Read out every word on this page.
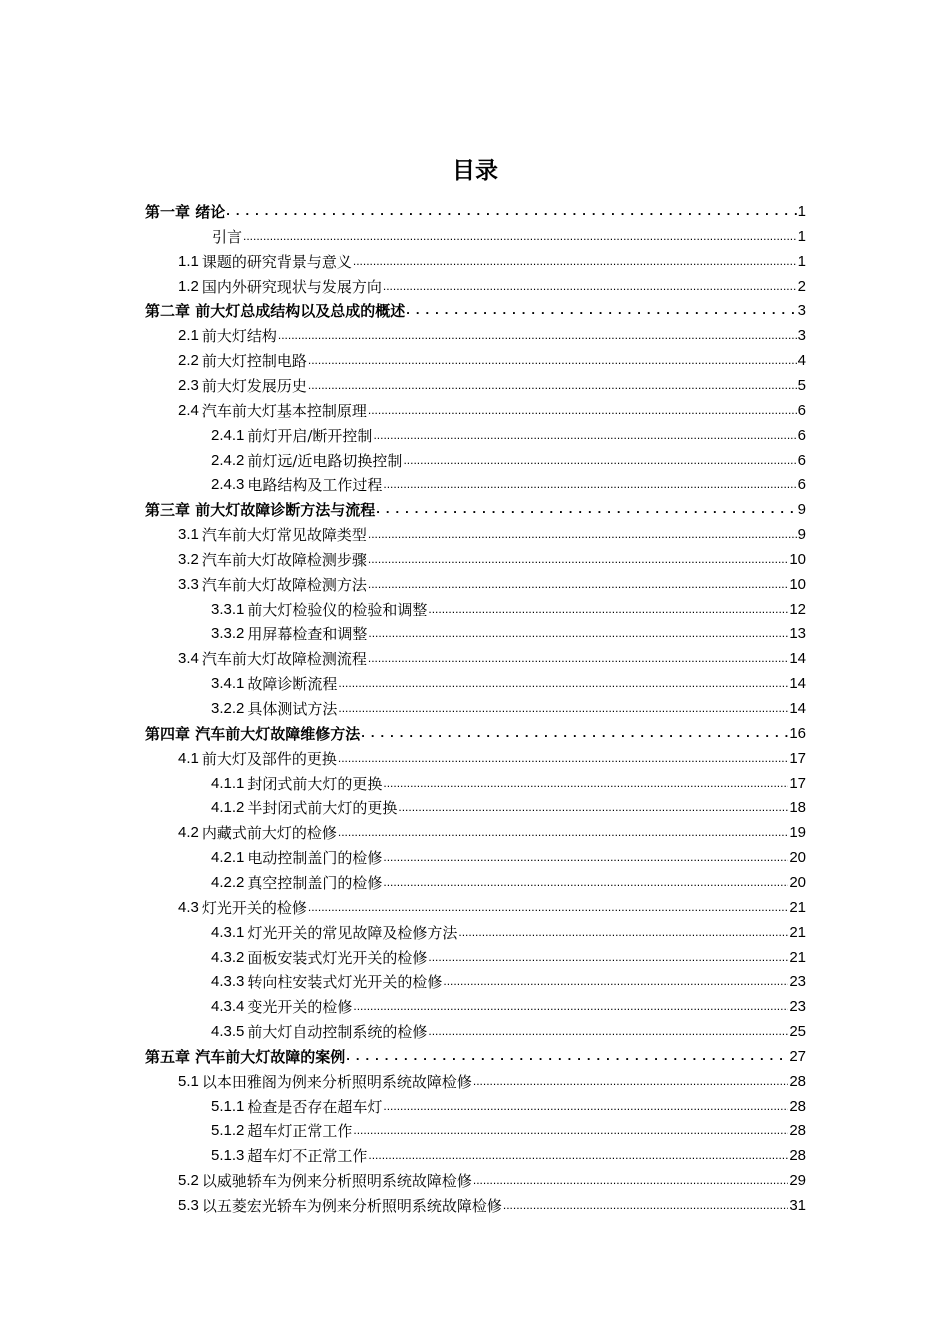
目录
第一章 绪论 . . .	1
引言 .....	1
1.1 课题的研究背景与意义 .....	1
1.2 国内外研究现状与发展方向 .....	2
第二章 前大灯总成结构以及总成的概述 . . .	3
2.1 前大灯结构 .....	3
2.2 前大灯控制电路 .....	4
2.3 前大灯发展历史 .....	5
2.4 汽车前大灯基本控制原理 .....	6
2.4.1 前灯开启/断开控制 .....	6
2.4.2 前灯远/近电路切换控制 .....	6
2.4.3 电路结构及工作过程 .....	6
第三章 前大灯故障诊断方法与流程 . . .	9
3.1 汽车前大灯常见故障类型 .....	9
3.2 汽车前大灯故障检测步骤 .....	10
3.3 汽车前大灯故障检测方法 .....	10
3.3.1 前大灯检验仪的检验和调整 .....	12
3.3.2 用屏幕检查和调整 .....	13
3.4 汽车前大灯故障检测流程 .....	14
3.4.1 故障诊断流程 .....	14
3.2.2 具体测试方法 .....	14
第四章 汽车前大灯故障维修方法 . . .	16
4.1 前大灯及部件的更换 .....	17
4.1.1 封闭式前大灯的更换 .....	17
4.1.2 半封闭式前大灯的更换 .....	18
4.2 内藏式前大灯的检修 .....	19
4.2.1 电动控制盖门的检修 .....	20
4.2.2 真空控制盖门的检修 .....	20
4.3 灯光开关的检修 .....	21
4.3.1 灯光开关的常见故障及检修方法 .....	21
4.3.2 面板安装式灯光开关的检修 .....	21
4.3.3 转向柱安装式灯光开关的检修 .....	23
4.3.4 变光开关的检修 .....	23
4.3.5 前大灯自动控制系统的检修 .....	25
第五章 汽车前大灯故障的案例 . . .	27
5.1 以本田雅阁为例来分析照明系统故障检修 .....	28
5.1.1 检查是否存在超车灯 .....	28
5.1.2 超车灯正常工作 .....	28
5.1.3 超车灯不正常工作 .....	28
5.2 以威驰轿车为例来分析照明系统故障检修 .....	29
5.3 以五菱宏光轿车为例来分析照明系统故障检修 .....	31
